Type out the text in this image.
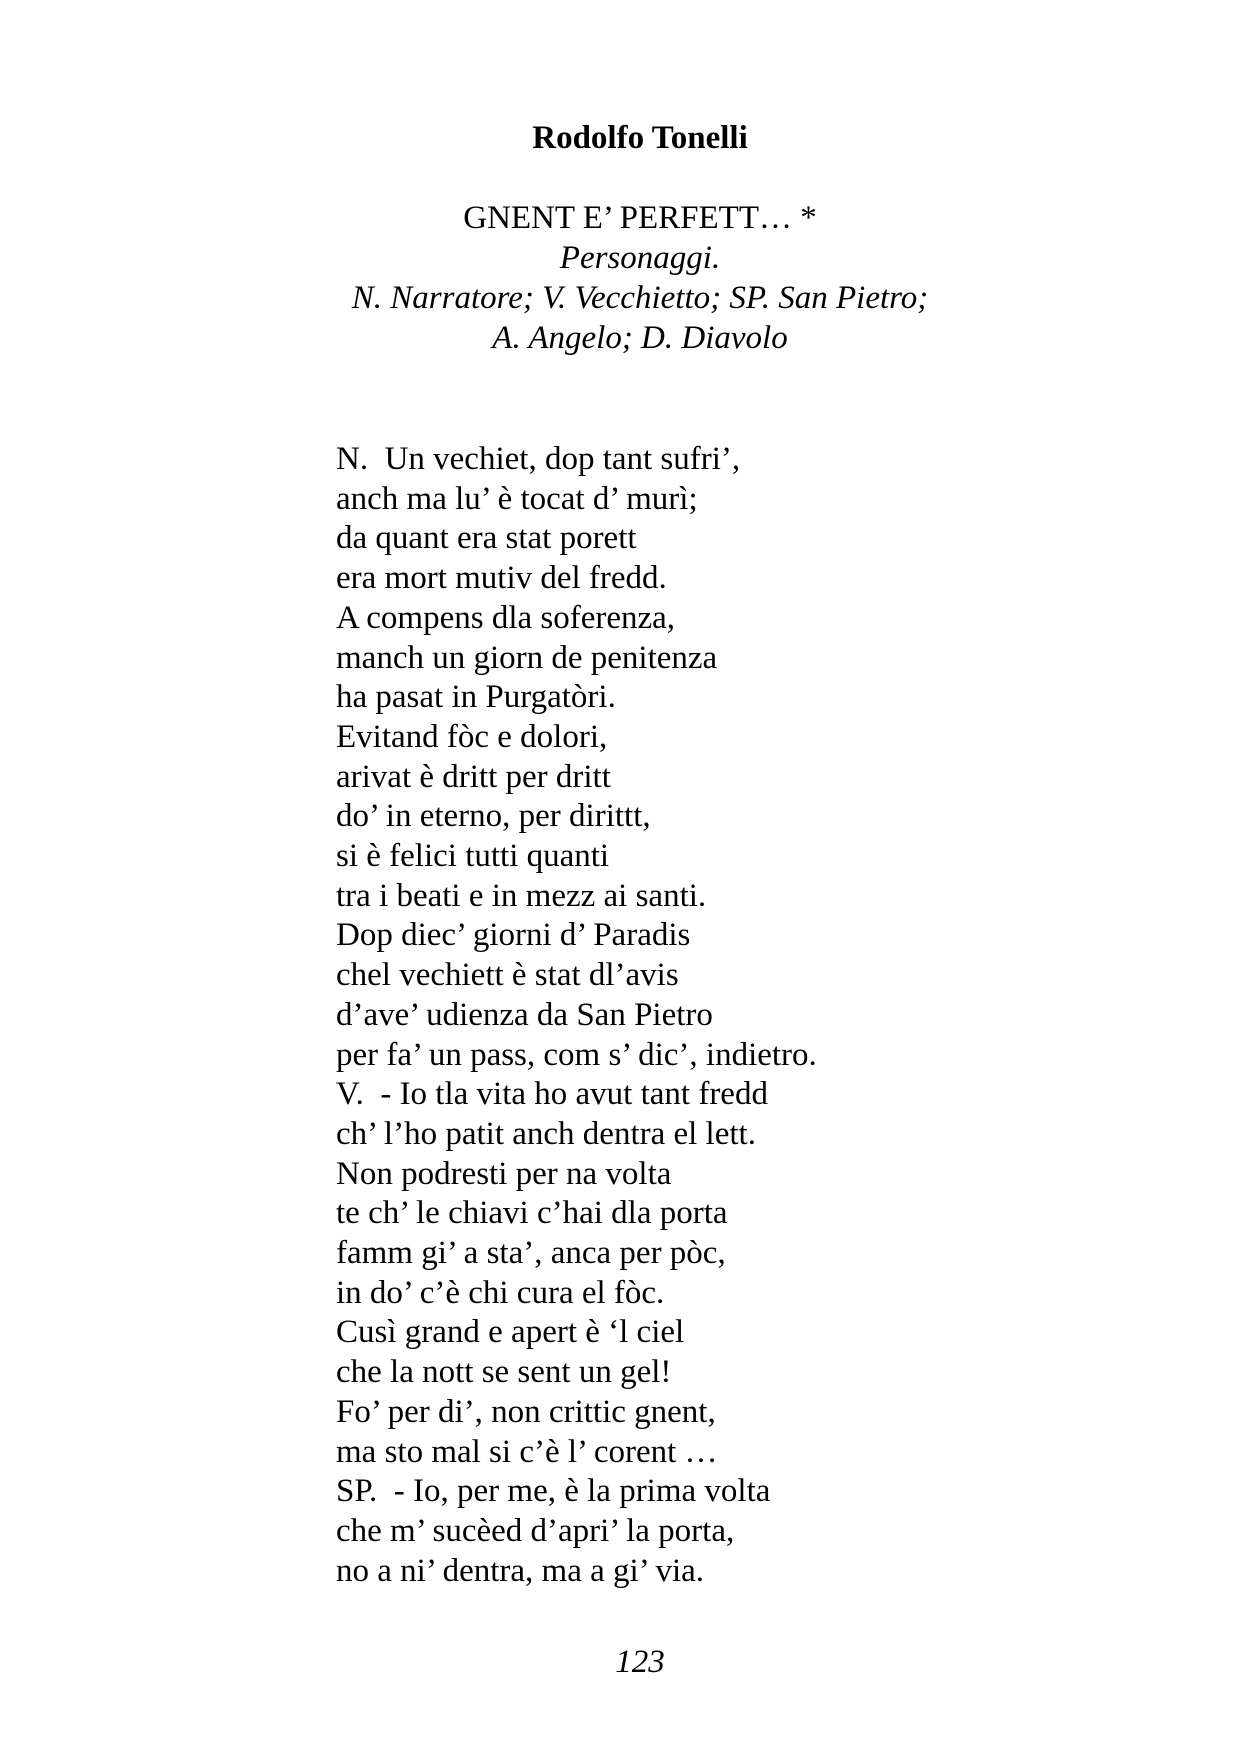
Rodolfo Tonelli
GNENT E’ PERFETT… *
Personaggi.
N. Narratore; V. Vecchietto; SP. San Pietro;
A. Angelo; D. Diavolo
N.  Un vechiet, dop tant sufri’,
anch ma lu’ è tocat d’ murì;
da quant era stat porett
era mort mutiv del fredd.
A compens dla soferenza,
manch un giorn de penitenza
ha pasat in Purgatòri.
Evitand fòc e dolori,
arivat è dritt per dritt
do’ in eterno, per dirittt,
si è felici tutti quanti
tra i beati e in mezz ai santi.
Dop diec’ giorni d’ Paradis
chel vechiett è stat dl’avis
d’ave’ udienza da San Pietro
per fa’ un pass, com s’ dic’, indietro.
V.  - Io tla vita ho avut tant fredd
ch’ l’ho patit anch dentra el lett.
Non podresti per na volta
te ch’ le chiavi c’hai dla porta
famm gi’ a sta’, anca per pòc,
in do’ c’è chi cura el fòc.
Cusì grand e apert è ‘l ciel
che la nott se sent un gel!
Fo’ per di’, non crittic gnent,
ma sto mal si c’è l’ corent …
SP.  - Io, per me, è la prima volta
che m’ sucèed d’apri’ la porta,
no a ni’ dentra, ma a gi’ via.
123
